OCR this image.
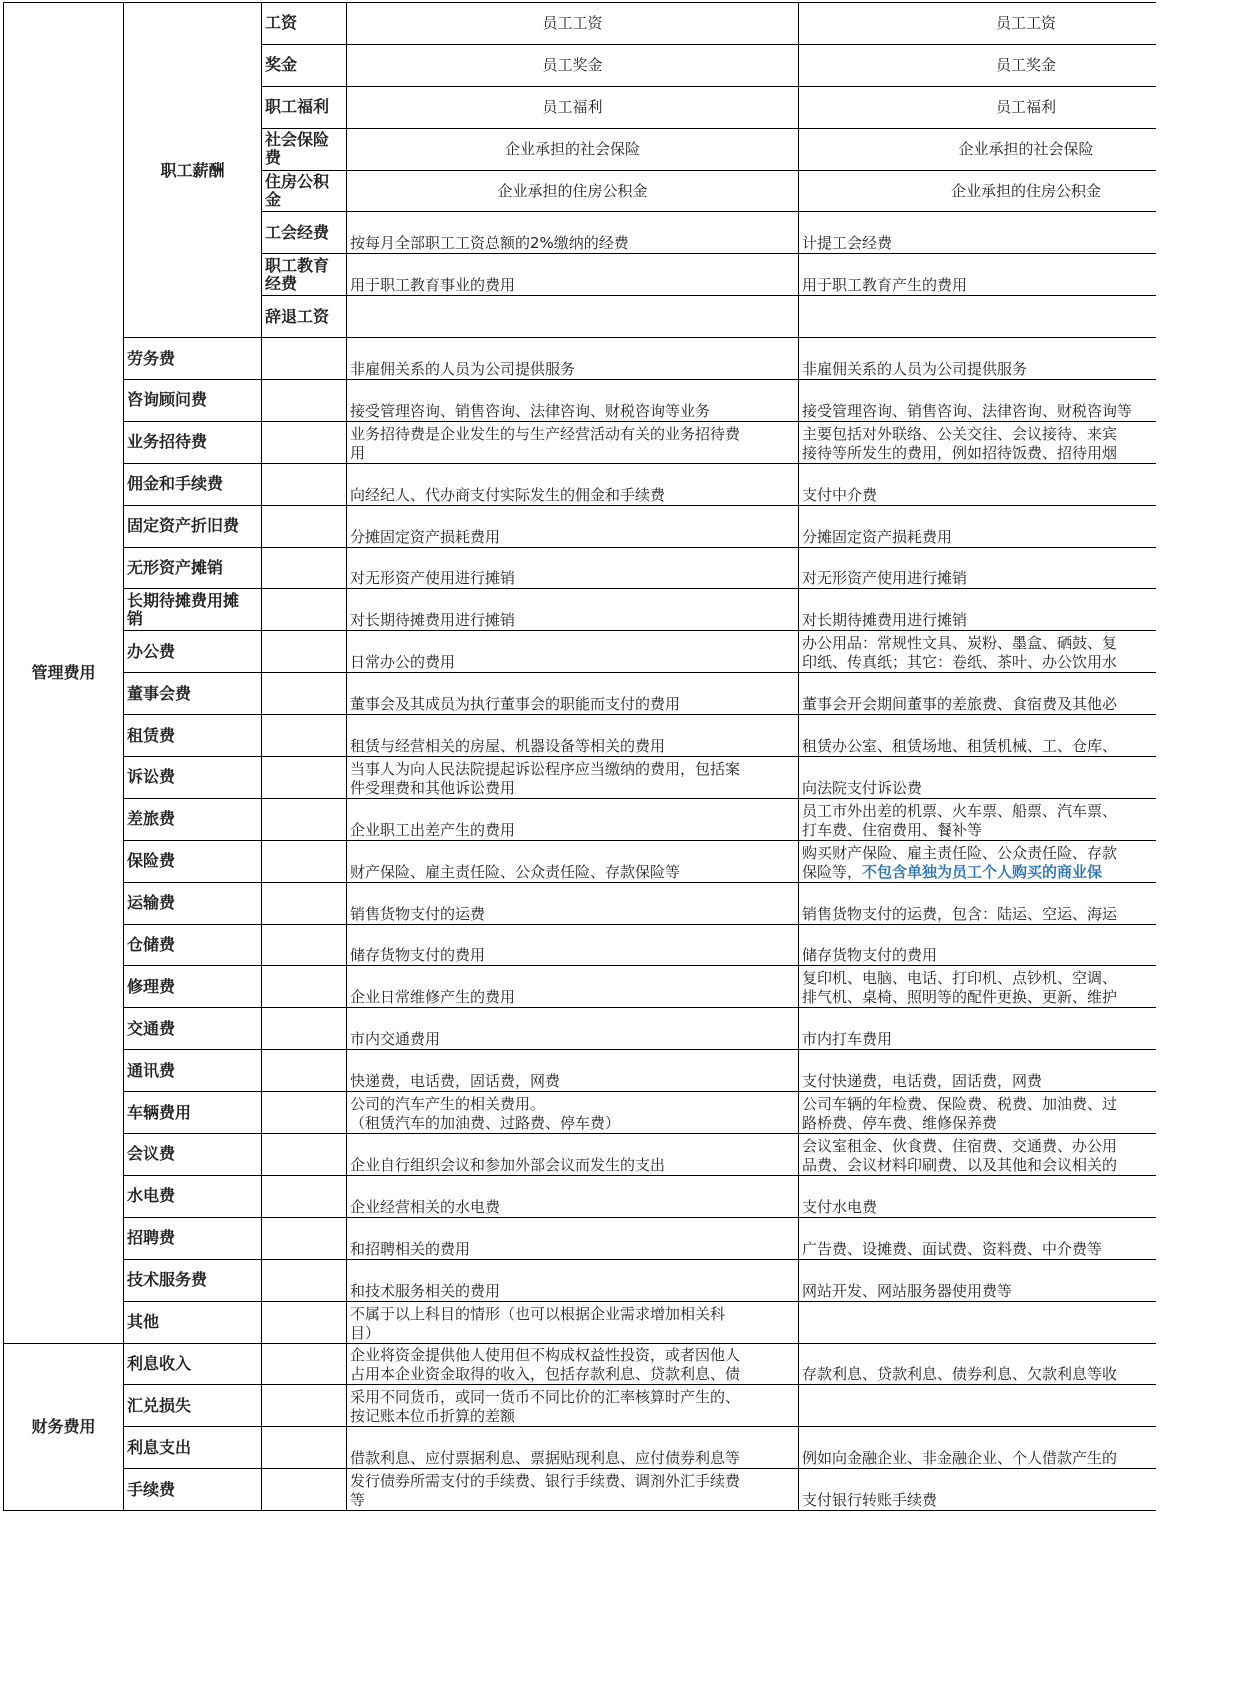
管理费用	职工薪酬	工资	员工工资	员工工资
奖金	员工奖金	员工奖金
职工福利	员工福利	员工福利
社会保险
费	企业承担的社会保险	企业承担的社会保险
住房公积
金	企业承担的住房公积金	企业承担的住房公积金
工会经费	按每月全部职工工资总额的2%缴纳的经费	计提工会经费
职工教育
经费	用于职工教育事业的费用	用于职工教育产生的费用
辞退工资		
劳务费		非雇佣关系的人员为公司提供服务	非雇佣关系的人员为公司提供服务
咨询顾问费		接受管理咨询、销售咨询、法律咨询、财税咨询等业务	接受管理咨询、销售咨询、法律咨询、财税咨询等
业务招待费		业务招待费是企业发生的与生产经营活动有关的业务招待费
用	主要包括对外联络、公关交往、会议接待、来宾
接待等所发生的费用，例如招待饭费、招待用烟
佣金和手续费		向经纪人、代办商支付实际发生的佣金和手续费	支付中介费
固定资产折旧费		分摊固定资产损耗费用	分摊固定资产损耗费用
无形资产摊销		对无形资产使用进行摊销	对无形资产使用进行摊销
长期待摊费用摊
销		对长期待摊费用进行摊销	对长期待摊费用进行摊销
办公费		日常办公的费用	办公用品：常规性文具、炭粉、墨盒、硒鼓、复
印纸、传真纸；其它：卷纸、茶叶、办公饮用水
董事会费		董事会及其成员为执行董事会的职能而支付的费用	董事会开会期间董事的差旅费、食宿费及其他必
租赁费		租赁与经营相关的房屋、机器设备等相关的费用	租赁办公室、租赁场地、租赁机械、工、仓库、
诉讼费		当事人为向人民法院提起诉讼程序应当缴纳的费用，包括案
件受理费和其他诉讼费用	向法院支付诉讼费
差旅费		企业职工出差产生的费用	员工市外出差的机票、火车票、船票、汽车票、
打车费、住宿费用、餐补等
保险费		财产保险、雇主责任险、公众责任险、存款保险等	购买财产保险、雇主责任险、公众责任险、存款
保险等，不包含单独为员工个人购买的商业保
运输费		销售货物支付的运费	销售货物支付的运费，包含：陆运、空运、海运
仓储费		储存货物支付的费用	储存货物支付的费用
修理费		企业日常维修产生的费用	复印机、电脑、电话、打印机、点钞机、空调、
排气机、桌椅、照明等的配件更换、更新、维护
交通费		市内交通费用	市内打车费用
通讯费		快递费，电话费，固话费，网费	支付快递费，电话费，固话费，网费
车辆费用		公司的汽车产生的相关费用。
（租赁汽车的加油费、过路费、停车费）	公司车辆的年检费、保险费、税费、加油费、过
路桥费、停车费、维修保养费
会议费		企业自行组织会议和参加外部会议而发生的支出	会议室租金、伙食费、住宿费、交通费、办公用
品费、会议材料印刷费、以及其他和会议相关的
水电费		企业经营相关的水电费	支付水电费
招聘费		和招聘相关的费用	广告费、设摊费、面试费、资料费、中介费等
技术服务费		和技术服务相关的费用	网站开发、网站服务器使用费等
其他		不属于以上科目的情形（也可以根据企业需求增加相关科
目）	
财务费用	利息收入		企业将资金提供他人使用但不构成权益性投资，或者因他人
占用本企业资金取得的收入，包括存款利息、贷款利息、债	存款利息、贷款利息、债券利息、欠款利息等收
汇兑损失		采用不同货币，或同一货币不同比价的汇率核算时产生的、
按记账本位币折算的差额	
利息支出		借款利息、应付票据利息、票据贴现利息、应付债券利息等	例如向金融企业、非金融企业、个人借款产生的
手续费		发行债券所需支付的手续费、银行手续费、调剂外汇手续费
等	支付银行转账手续费
